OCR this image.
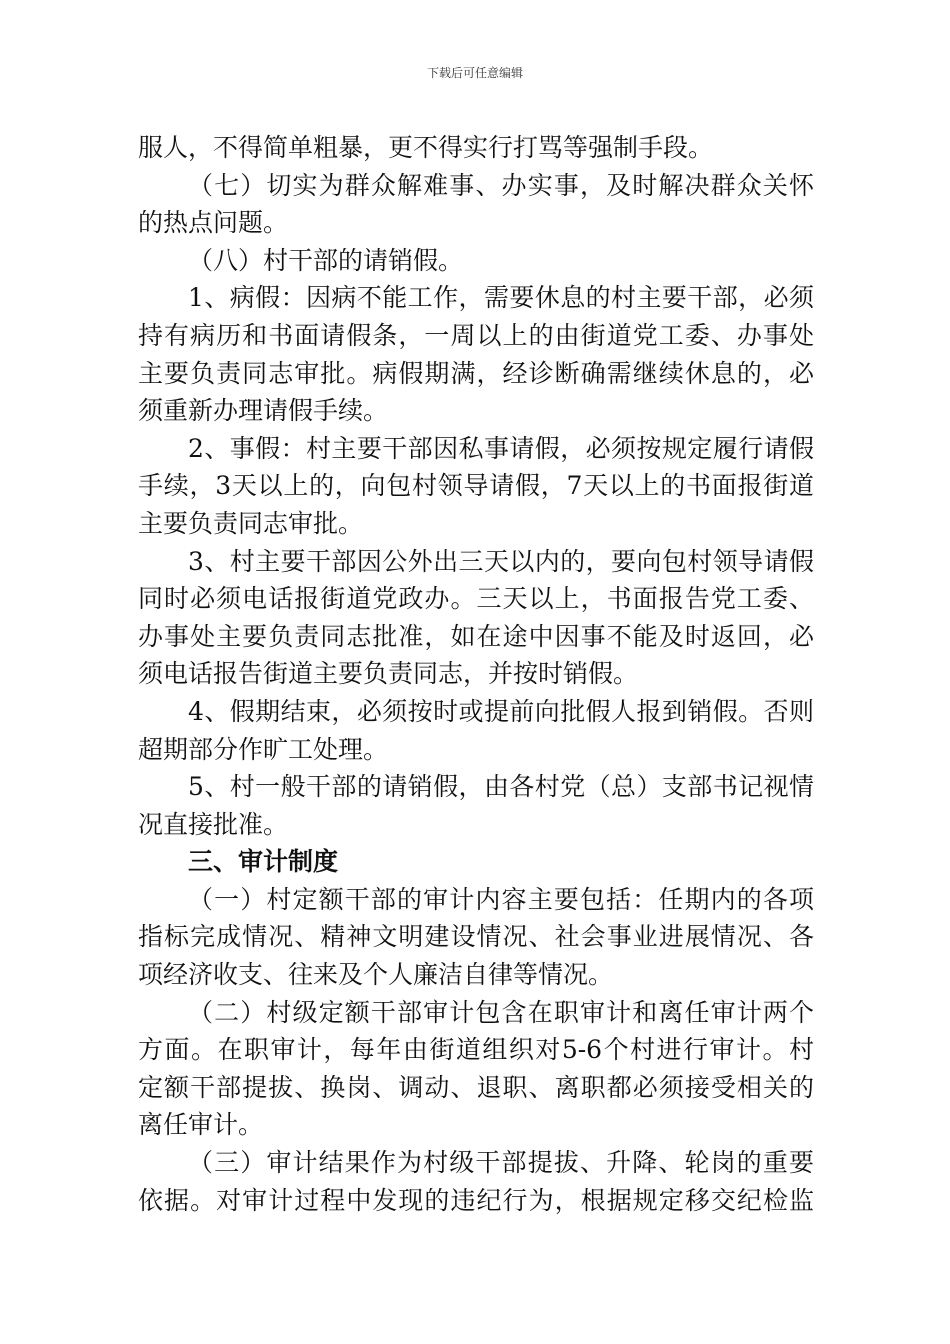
下载后可任意编辑
服人，不得简单粗暴，更不得实行打骂等强制手段。
（七）切实为群众解难事、办实事，及时解决群众关怀
的热点问题。
（八）村干部的请销假。
1、病假：因病不能工作，需要休息的村主要干部，必须
持有病历和书面请假条，一周以上的由街道党工委、办事处
主要负责同志审批。病假期满，经诊断确需继续休息的，必
须重新办理请假手续。
2、事假：村主要干部因私事请假，必须按规定履行请假
手续，3天以上的，向包村领导请假，7天以上的书面报街道
主要负责同志审批。
3、村主要干部因公外出三天以内的，要向包村领导请假
同时必须电话报街道党政办。三天以上，书面报告党工委、
办事处主要负责同志批准，如在途中因事不能及时返回，必
须电话报告街道主要负责同志，并按时销假。
4、假期结束，必须按时或提前向批假人报到销假。否则
超期部分作旷工处理。
5、村一般干部的请销假，由各村党（总）支部书记视情
况直接批准。
三、审计制度
（一）村定额干部的审计内容主要包括：任期内的各项
指标完成情况、精神文明建设情况、社会事业进展情况、各
项经济收支、往来及个人廉洁自律等情况。
（二）村级定额干部审计包含在职审计和离任审计两个
方面。在职审计，每年由街道组织对5-6个村进行审计。村
定额干部提拔、换岗、调动、退职、离职都必须接受相关的
离任审计。
（三）审计结果作为村级干部提拔、升降、轮岗的重要
依据。对审计过程中发现的违纪行为，根据规定移交纪检监
